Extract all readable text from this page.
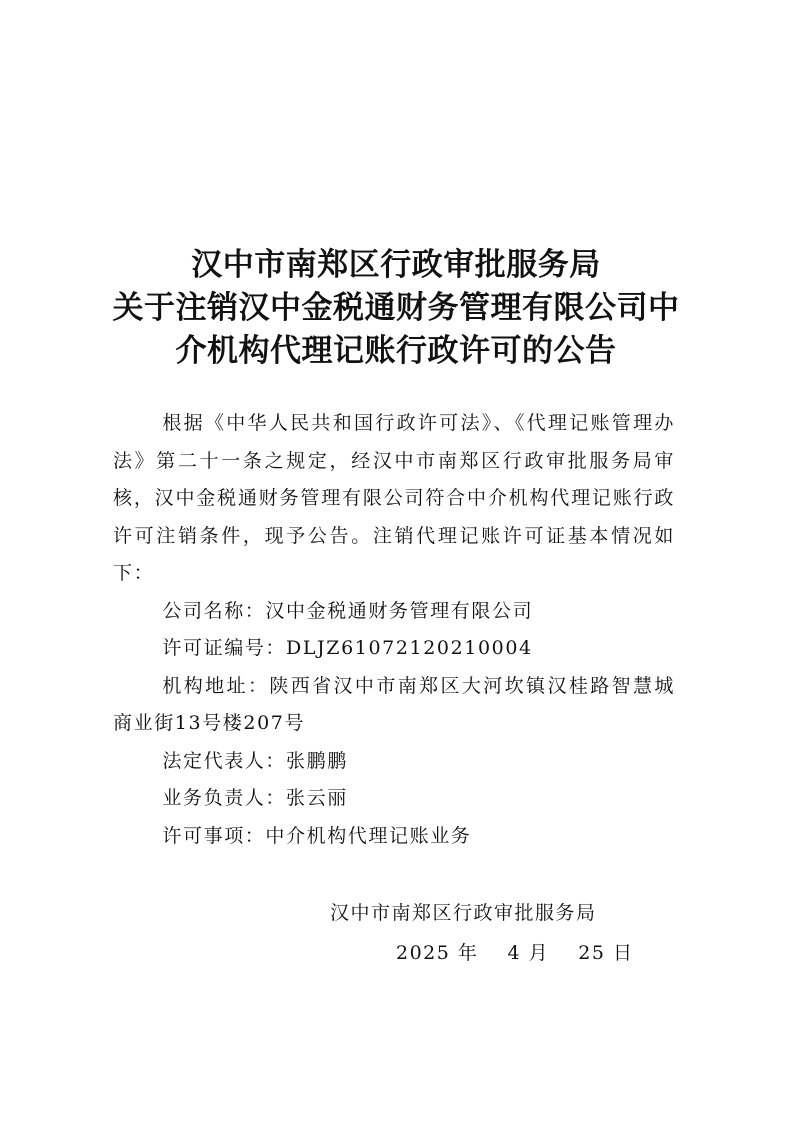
汉中市南郑区行政审批服务局
关于注销汉中金税通财务管理有限公司中
介机构代理记账行政许可的公告

根据《中华人民共和国行政许可法》、《代理记账管理办法》第二十一条之规定，经汉中市南郑区行政审批服务局审核，汉中金税通财务管理有限公司符合中介机构代理记账行政许可注销条件，现予公告。注销代理记账许可证基本情况如下：

公司名称：汉中金税通财务管理有限公司

许可证编号：DLJZ61072120210004

机构地址：陕西省汉中市南郑区大河坎镇汉桂路智慧城商业街13号楼207号

法定代表人：张鹏鹏

业务负责人：张云丽

许可事项：中介机构代理记账业务

汉中市南郑区行政审批服务局
2025 年 4 月 25 日
